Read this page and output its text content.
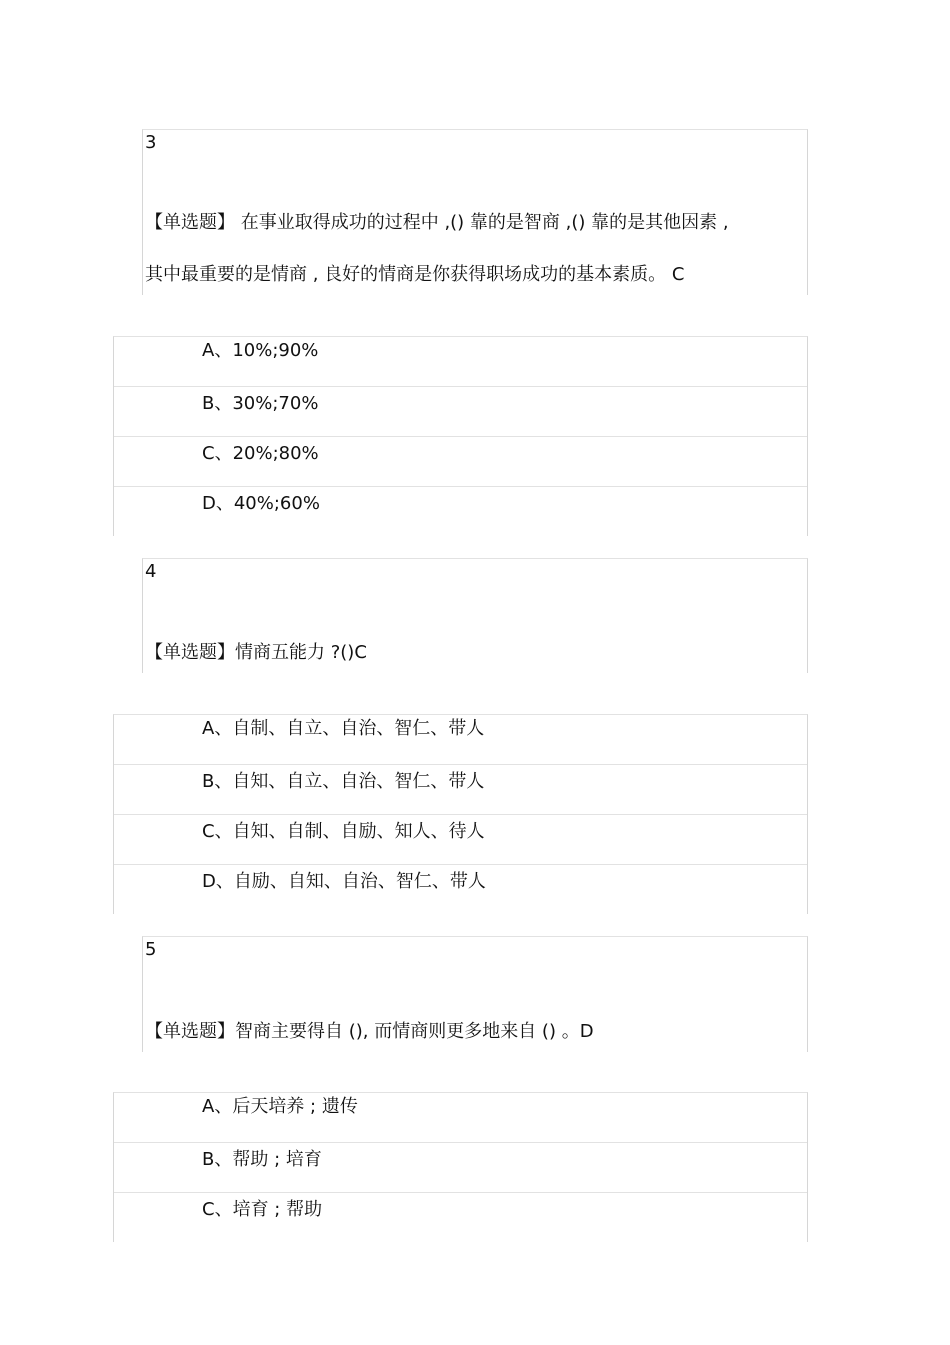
3
【单选题】 在事业取得成功的过程中 ,() 靠的是智商 ,() 靠的是其他因素 ,
其中最重要的是情商 , 良好的情商是你获得职场成功的基本素质。 C
A、10%;90%
B、30%;70%
C、20%;80%
D、40%;60%
4
【单选题】情商五能力 ?()C
A、自制、自立、自治、智仁、带人
B、自知、自立、自治、智仁、带人
C、自知、自制、自励、知人、待人
D、自励、自知、自治、智仁、带人
5
【单选题】智商主要得自 (), 而情商则更多地来自 () 。D
A、后天培养 ; 遗传
B、帮助 ; 培育
C、培育 ; 帮助
